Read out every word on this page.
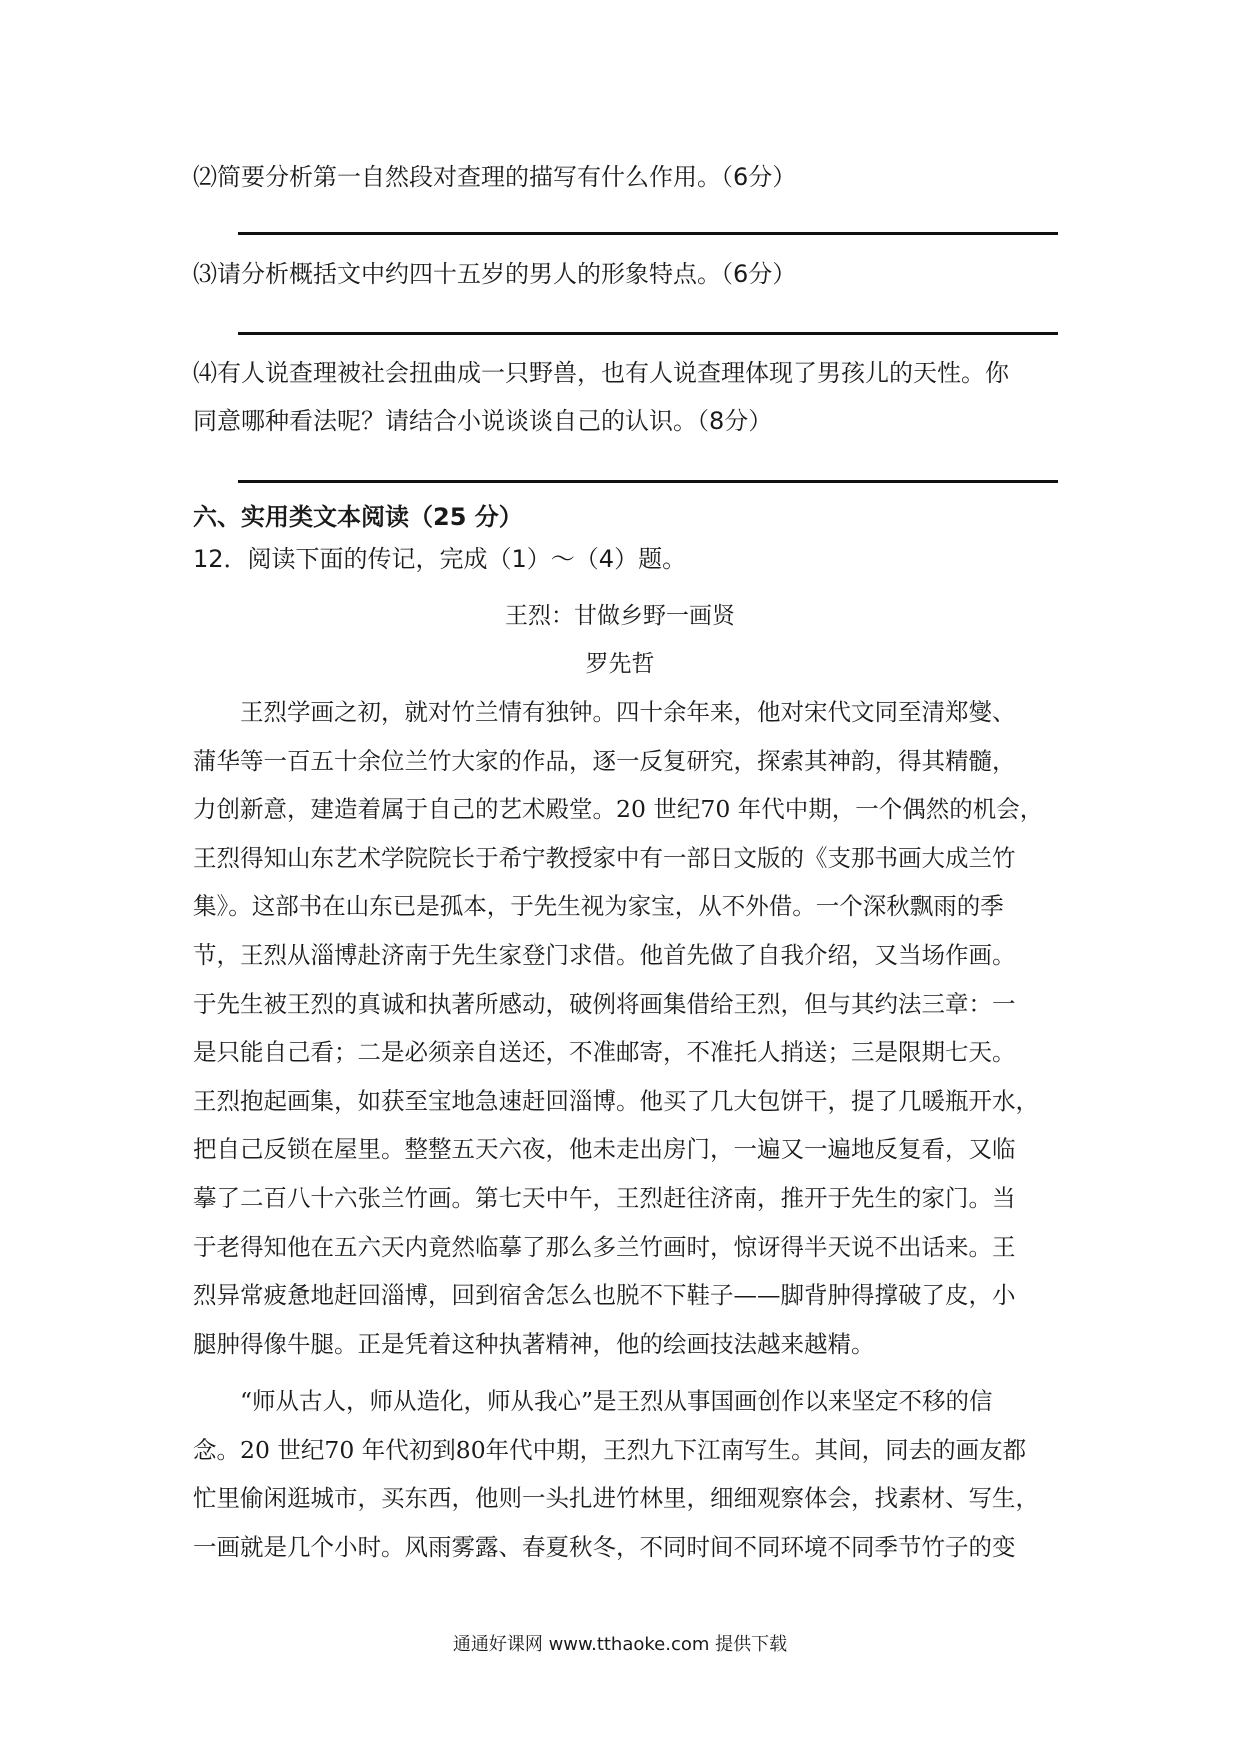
⑵简要分析第一自然段对查理的描写有什么作用。（6分）
⑶请分析概括文中约四十五岁的男人的形象特点。（6分）
⑷有人说查理被社会扭曲成一只野兽，也有人说查理体现了男孩儿的天性。你
同意哪种看法呢？请结合小说谈谈自己的认识。（8分）
六、实用类文本阅读（25 分）
12．阅读下面的传记，完成（1）～（4）题。
王烈：甘做乡野一画贤
罗先哲
　　王烈学画之初，就对竹兰情有独钟。四十余年来，他对宋代文同至清郑燮、
蒲华等一百五十余位兰竹大家的作品，逐一反复研究，探索其神韵，得其精髓，
力创新意，建造着属于自己的艺术殿堂。20 世纪70 年代中期，一个偶然的机会，
王烈得知山东艺术学院院长于希宁教授家中有一部日文版的《支那书画大成兰竹
集》。这部书在山东已是孤本，于先生视为家宝，从不外借。一个深秋飘雨的季
节，王烈从淄博赴济南于先生家登门求借。他首先做了自我介绍，又当场作画。
于先生被王烈的真诚和执著所感动，破例将画集借给王烈，但与其约法三章：一
是只能自己看；二是必须亲自送还，不准邮寄，不准托人捎送；三是限期七天。
王烈抱起画集，如获至宝地急速赶回淄博。他买了几大包饼干，提了几暖瓶开水，
把自己反锁在屋里。整整五天六夜，他未走出房门，一遍又一遍地反复看，又临
摹了二百八十六张兰竹画。第七天中午，王烈赶往济南，推开于先生的家门。当
于老得知他在五六天内竟然临摹了那么多兰竹画时，惊讶得半天说不出话来。王
烈异常疲惫地赶回淄博，回到宿舍怎么也脱不下鞋子——脚背肿得撑破了皮，小
腿肿得像牛腿。正是凭着这种执著精神，他的绘画技法越来越精。
　　“师从古人，师从造化，师从我心”是王烈从事国画创作以来坚定不移的信
念。20 世纪70 年代初到80年代中期，王烈九下江南写生。其间，同去的画友都
忙里偷闲逛城市，买东西，他则一头扎进竹林里，细细观察体会，找素材、写生，
一画就是几个小时。风雨雾露、春夏秋冬，不同时间不同环境不同季节竹子的变
通通好课网 www.tthaoke.com 提供下载
